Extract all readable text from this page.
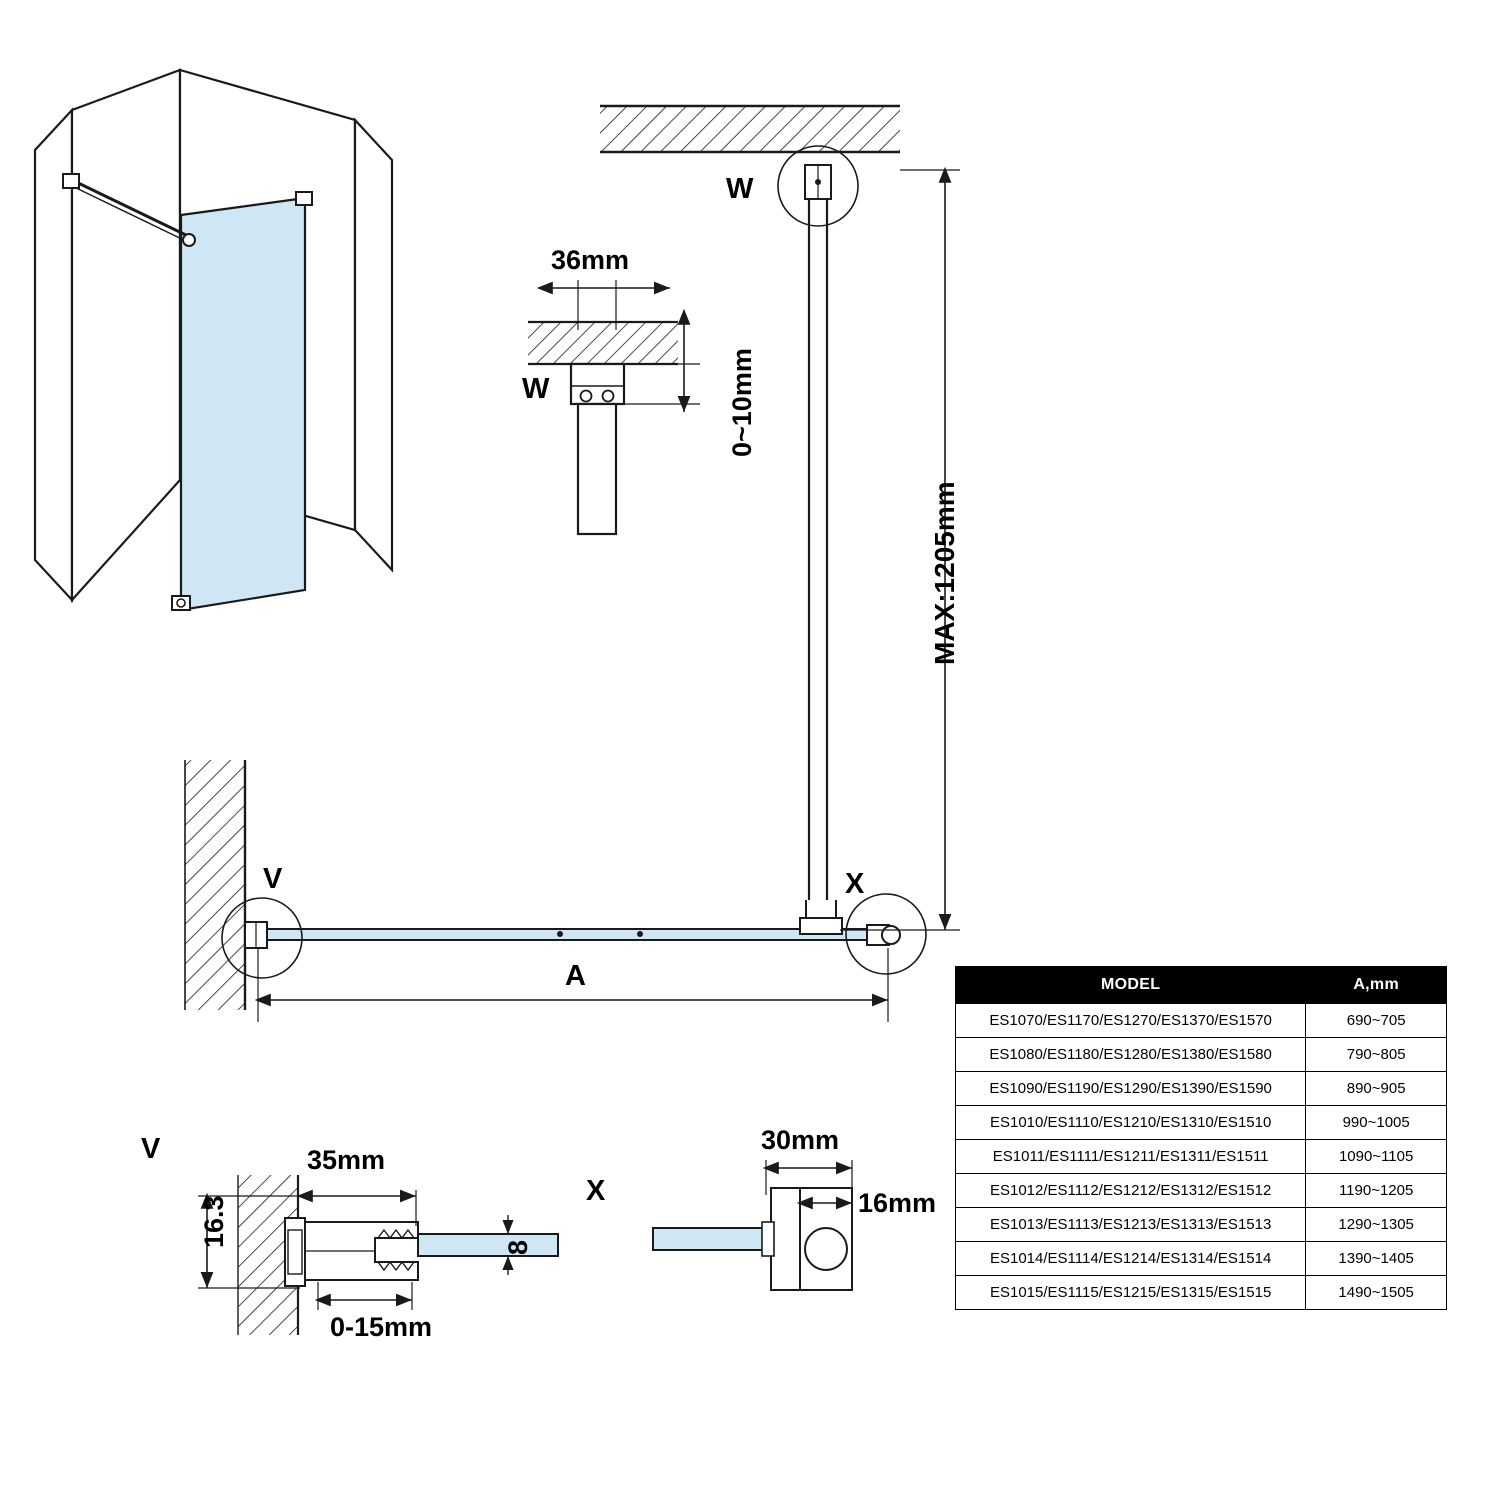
36mm
0~10mm
W
W
MAX:1205mm
V	X
A
V
16.3
35mm
8
0-15mm
X
30mm
16mm
MODEL	A,mm
ES1070/ES1170/ES1270/ES1370/ES1570	690~705
ES1080/ES1180/ES1280/ES1380/ES1580	790~805
ES1090/ES1190/ES1290/ES1390/ES1590	890~905
ES1010/ES1110/ES1210/ES1310/ES1510	990~1005
ES1011/ES1111/ES1211/ES1311/ES1511	1090~1105
ES1012/ES1112/ES1212/ES1312/ES1512	1190~1205
ES1013/ES1113/ES1213/ES1313/ES1513	1290~1305
ES1014/ES1114/ES1214/ES1314/ES1514	1390~1405
ES1015/ES1115/ES1215/ES1315/ES1515	1490~1505
